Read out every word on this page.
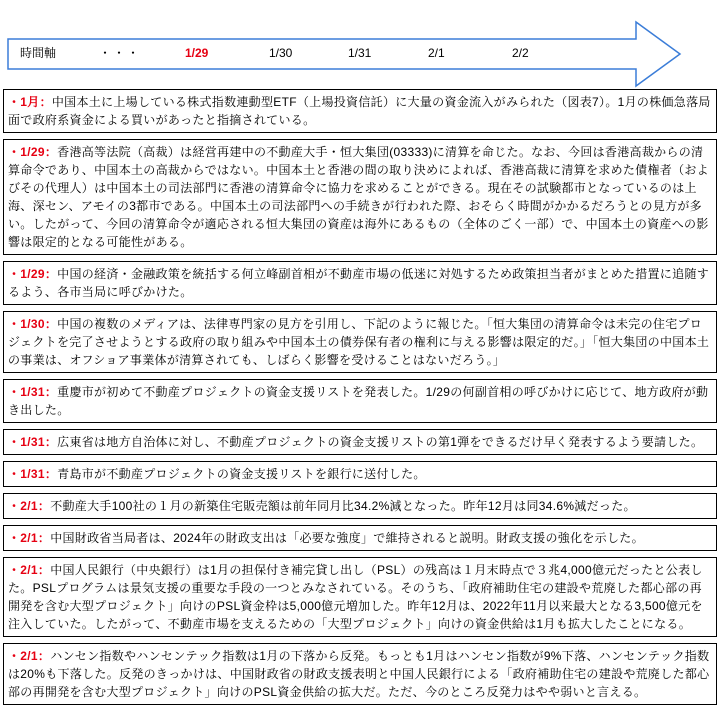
時間軸	・・・	1/29	1/30	1/31	2/1	2/2
・1月：中国本土に上場している株式指数連動型ETF（上場投資信託）に大量の資金流入がみられた（図表7）。1月の株価急落局面で政府系資金による買いがあったと指摘されている。
・1/29：香港高等法院（高裁）は経営再建中の不動産大手・恒大集団(03333)に清算を命じた。なお、今回は香港高裁からの清算命令であり、中国本土の高裁からではない。中国本土と香港の間の取り決めによれば、香港高裁に清算を求めた債権者（およびその代理人）は中国本土の司法部門に香港の清算命令に協力を求めることができる。現在その試験都市となっているのは上海、深セン、アモイの3都市である。中国本土の司法部門への手続きが行われた際、おそらく時間がかかるだろうとの見方が多い。したがって、今回の清算命令が適応される恒大集団の資産は海外にあるもの（全体のごく一部）で、中国本土の資産への影響は限定的となる可能性がある。
・1/29：中国の経済・金融政策を統括する何立峰副首相が不動産市場の低迷に対処するため政策担当者がまとめた措置に追随するよう、各市当局に呼びかけた。
・1/30：中国の複数のメディアは、法律専門家の見方を引用し、下記のように報じた。「恒大集団の清算命令は未完の住宅プロジェクトを完了させようとする政府の取り組みや中国本土の債券保有者の権利に与える影響は限定的だ。」「恒大集団の中国本土の事業は、オフショア事業体が清算されても、しばらく影響を受けることはないだろう。」
・1/31：重慶市が初めて不動産プロジェクトの資金支援リストを発表した。1/29の何副首相の呼びかけに応じて、地方政府が動き出した。
・1/31：広東省は地方自治体に対し、不動産プロジェクトの資金支援リストの第1弾をできるだけ早く発表するよう要請した。
・1/31：青島市が不動産プロジェクトの資金支援リストを銀行に送付した。
・2/1：不動産大手100社の１月の新築住宅販売額は前年同月比34.2%減となった。昨年12月は同34.6%減だった。
・2/1：中国財政省当局者は、2024年の財政支出は「必要な強度」で維持されると説明。財政支援の強化を示した。
・2/1：中国人民銀行（中央銀行）は1月の担保付き補完貸し出し（PSL）の残高は１月末時点で３兆4,000億元だったと公表した。PSLプログラムは景気支援の重要な手段の一つとみなされている。そのうち、「政府補助住宅の建設や荒廃した都心部の再開発を含む大型プロジェクト」向けのPSL資金枠は5,000億元増加した。昨年12月は、2022年11月以来最大となる3,500億元を注入していた。したがって、不動産市場を支えるための「大型プロジェクト」向けの資金供給は1月も拡大したことになる。
・2/1：ハンセン指数やハンセンテック指数は1月の下落から反発。もっとも1月はハンセン指数が9%下落、ハンセンテック指数は20%も下落した。反発のきっかけは、中国財政省の財政支援表明と中国人民銀行による「政府補助住宅の建設や荒廃した都心部の再開発を含む大型プロジェクト」向けのPSL資金供給の拡大だ。ただ、今のところ反発力はやや弱いと言える。
